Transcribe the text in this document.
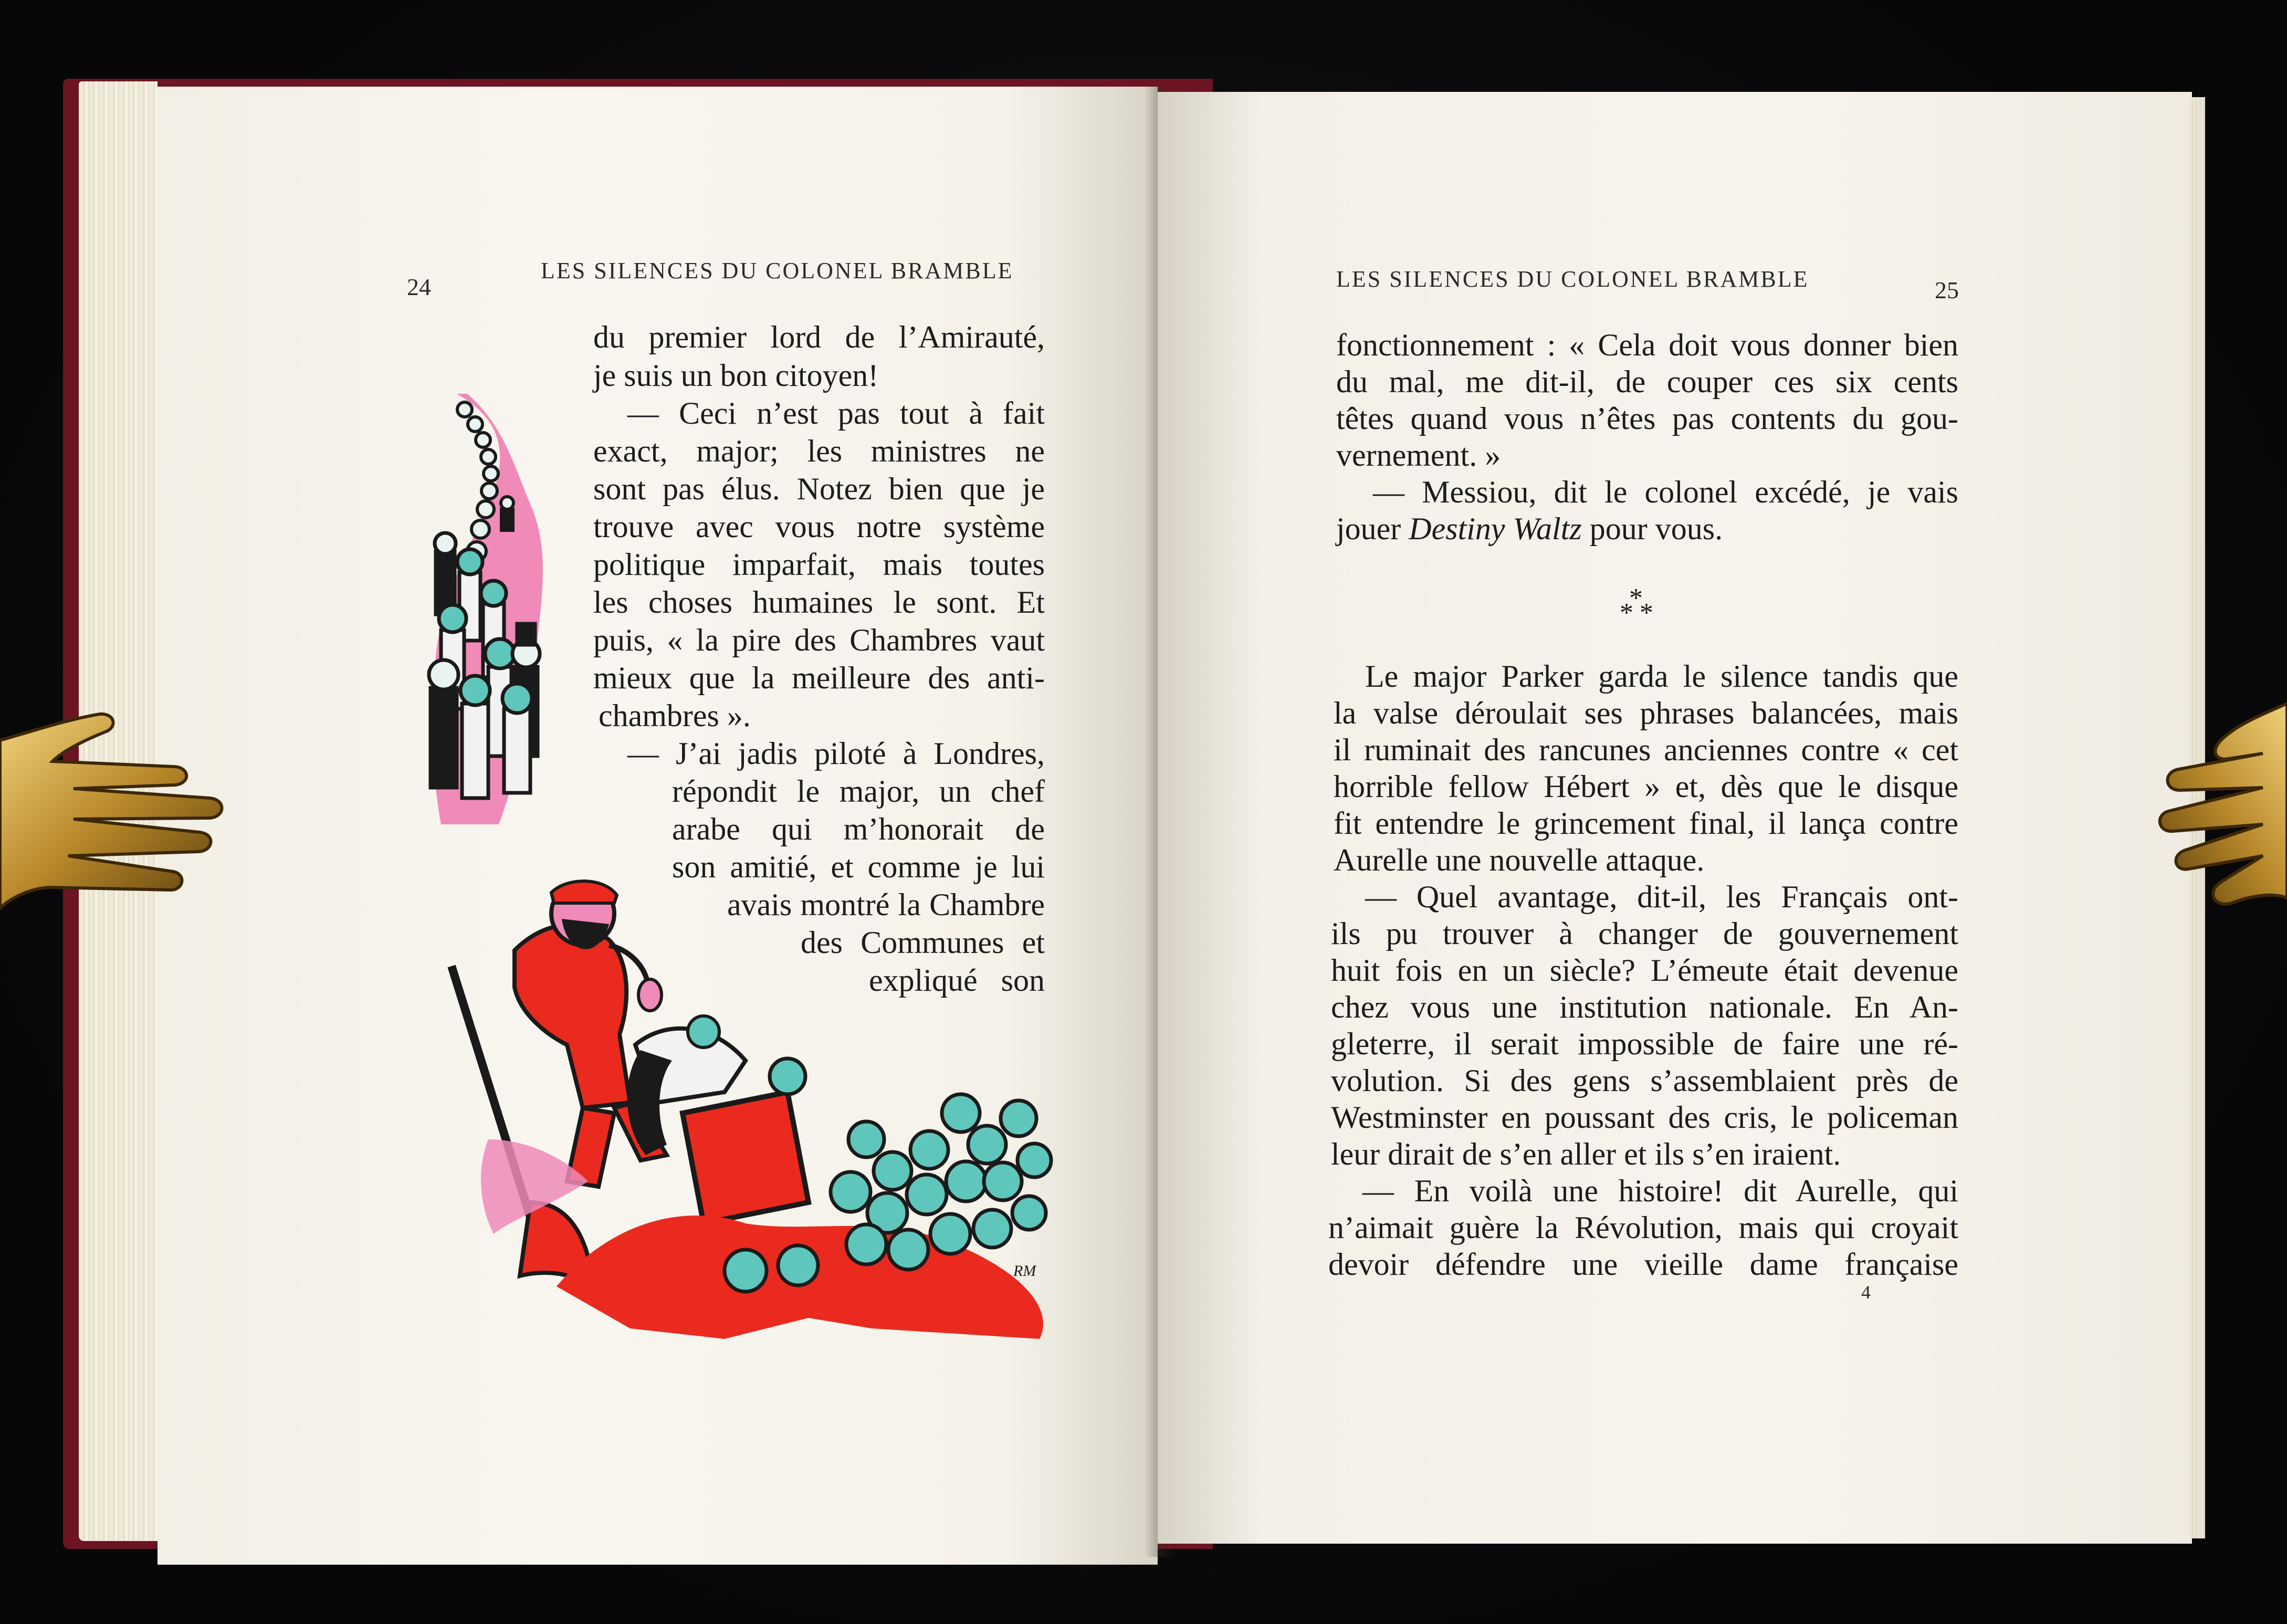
24
LES SILENCES DU COLONEL BRAMBLE
du premier lord de l’Amirauté,
je suis un bon citoyen!
— Ceci n’est pas tout à fait
exact, major; les ministres ne
sont pas élus. Notez bien que je
trouve avec vous notre système
politique imparfait, mais toutes
les choses humaines le sont. Et
puis, « la pire des Chambres vaut
mieux que la meilleure des anti-
chambres ».
— J’ai jadis piloté à Londres,
répondit le major, un chef
arabe qui m’honorait de
son amitié, et comme je lui
avais montré la Chambre
des Communes et
expliqué son
RM
LES SILENCES DU COLONEL BRAMBLE	25
fonctionnement : « Cela doit vous donner bien
du mal, me dit-il, de couper ces six cents
têtes quand vous n’êtes pas contents du gou-
vernement. »
— Messiou, dit le colonel excédé, je vais
jouer Destiny Waltz pour vous.
*
* *
Le major Parker garda le silence tandis que
la valse déroulait ses phrases balancées, mais
il ruminait des rancunes anciennes contre « cet
horrible fellow Hébert » et, dès que le disque
fit entendre le grincement final, il lança contre
Aurelle une nouvelle attaque.
— Quel avantage, dit-il, les Français ont-
ils pu trouver à changer de gouvernement
huit fois en un siècle? L’émeute était devenue
chez vous une institution nationale. En An-
gleterre, il serait impossible de faire une ré-
volution. Si des gens s’assemblaient près de
Westminster en poussant des cris, le policeman
leur dirait de s’en aller et ils s’en iraient.
— En voilà une histoire! dit Aurelle, qui
n’aimait guère la Révolution, mais qui croyait
devoir défendre une vieille dame française
4
